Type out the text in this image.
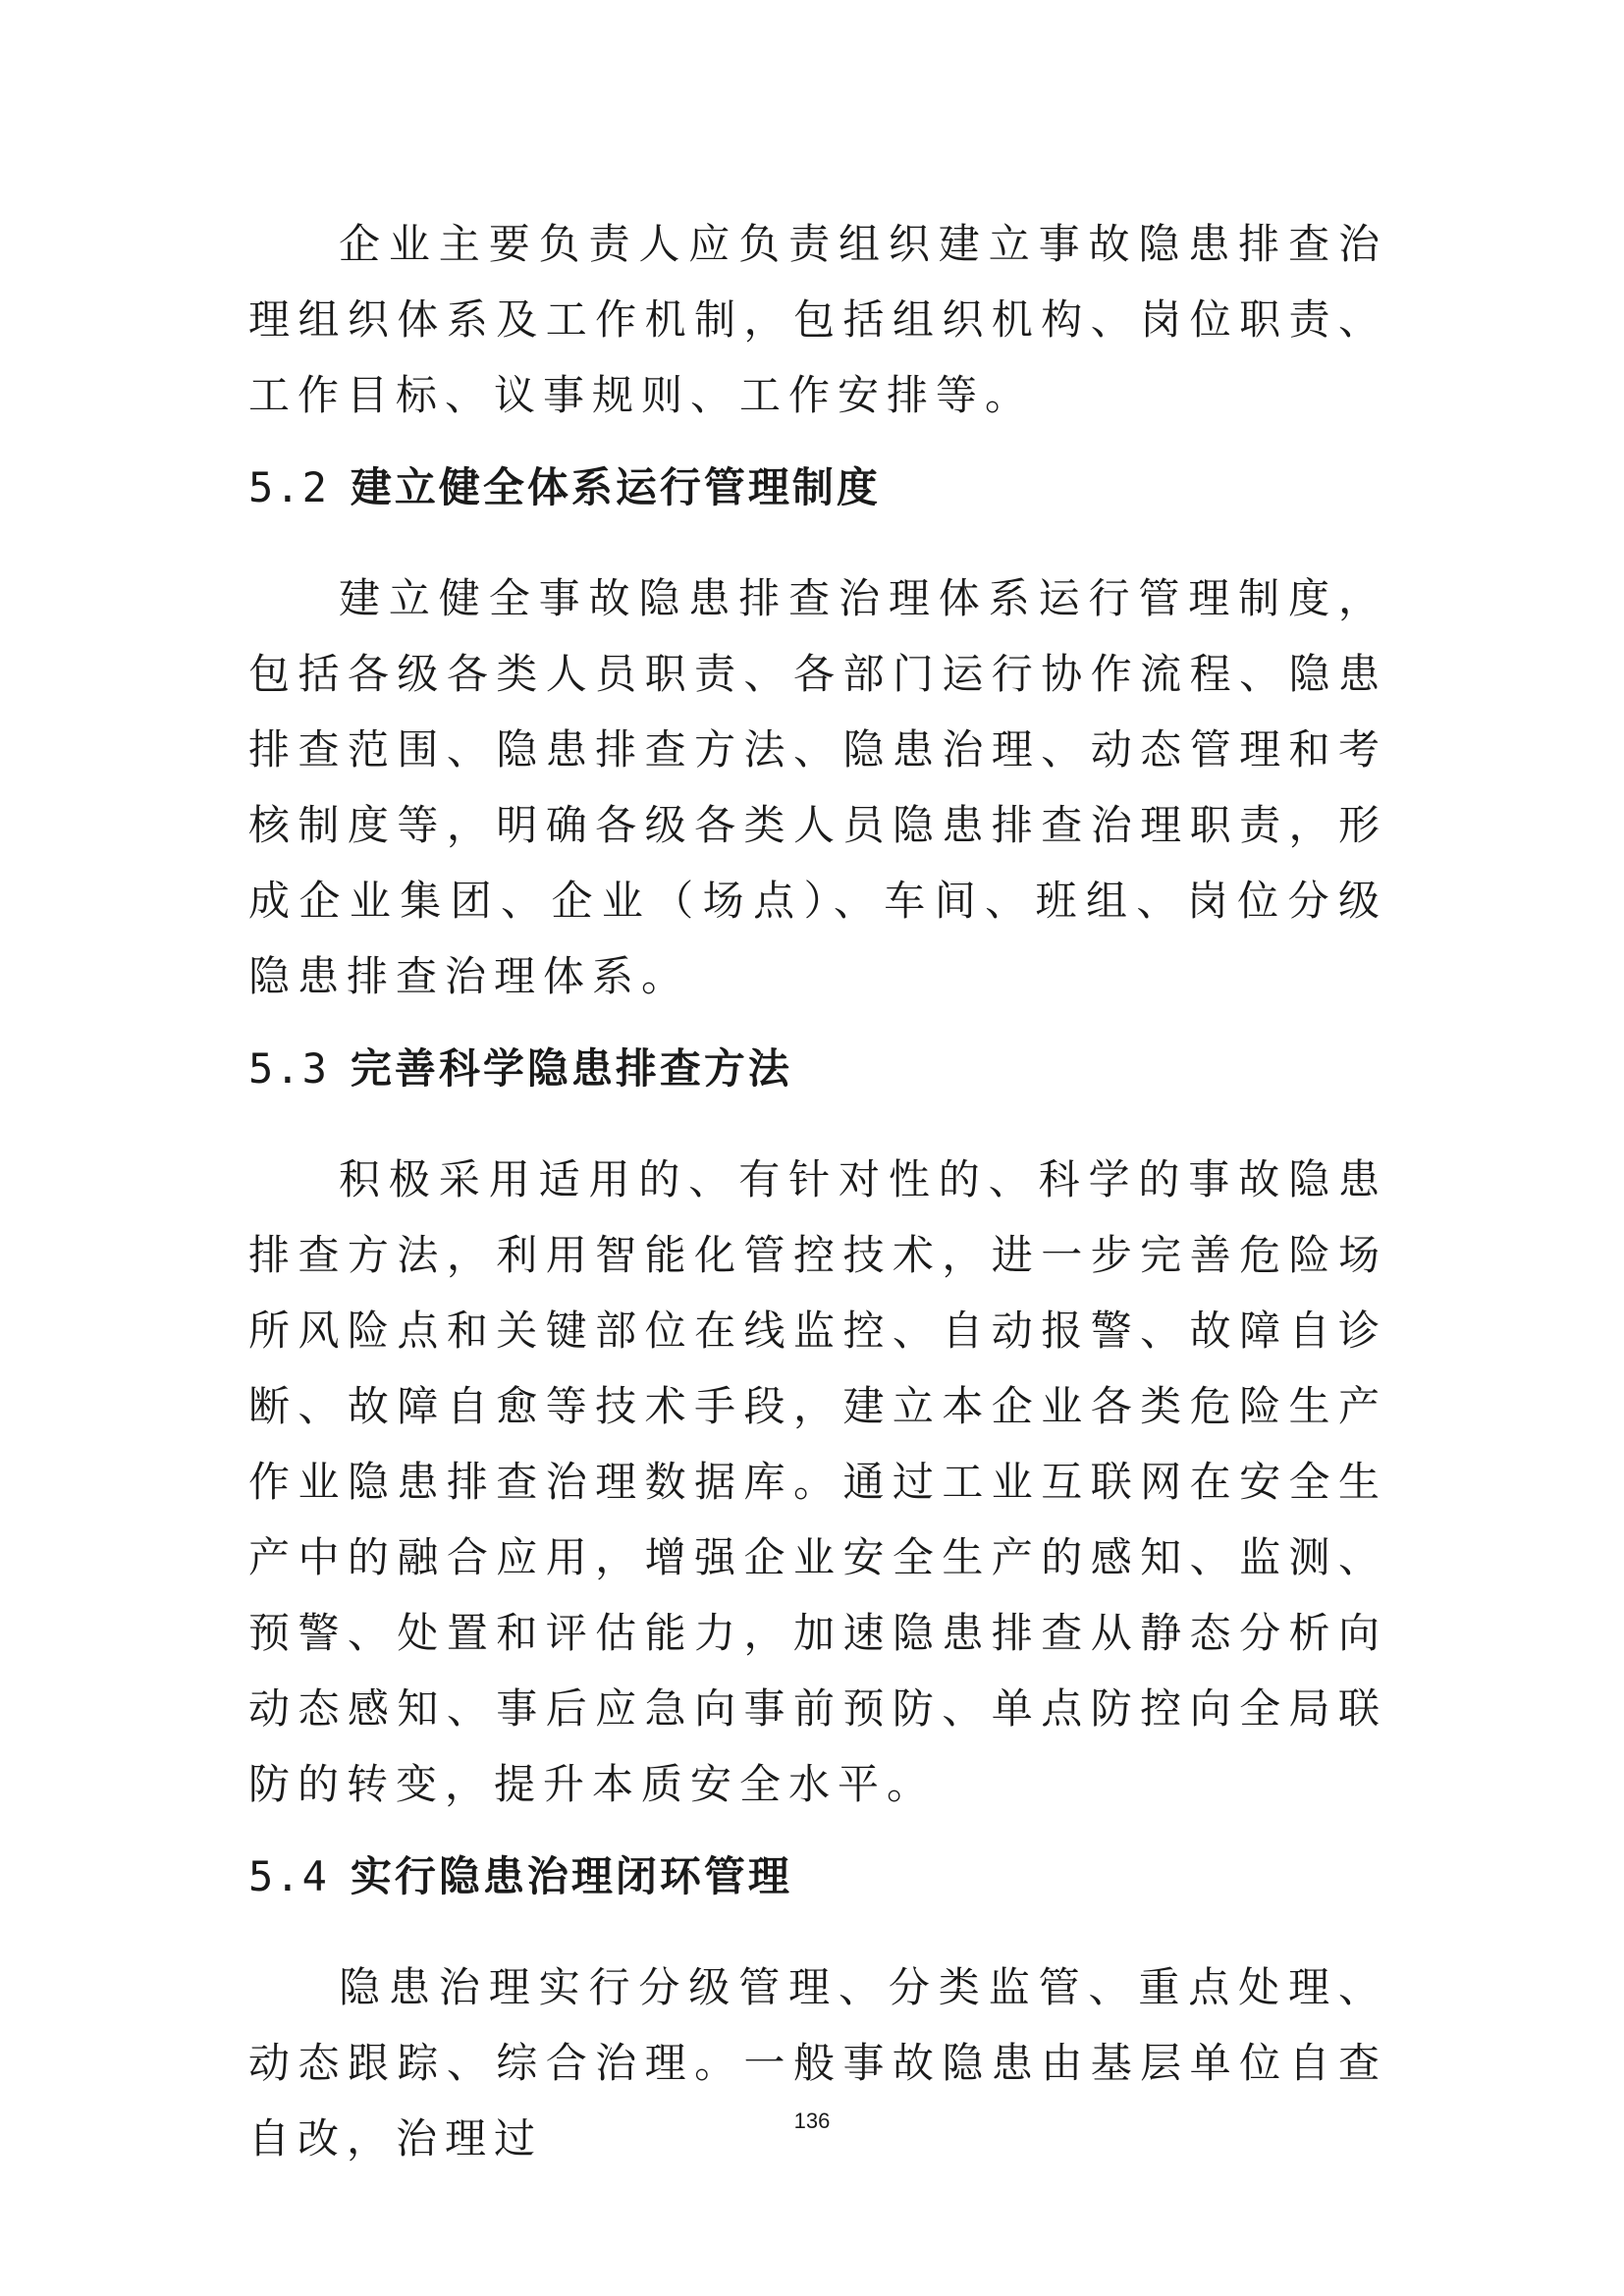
企业主要负责人应负责组织建立事故隐患排查治理组织体系及工作机制，包括组织机构、岗位职责、工作目标、议事规则、工作安排等。

5.2 建立健全体系运行管理制度

建立健全事故隐患排查治理体系运行管理制度，包括各级各类人员职责、各部门运行协作流程、隐患排查范围、隐患排查方法、隐患治理、动态管理和考核制度等，明确各级各类人员隐患排查治理职责，形成企业集团、企业（场点）、车间、班组、岗位分级隐患排查治理体系。

5.3 完善科学隐患排查方法

积极采用适用的、有针对性的、科学的事故隐患排查方法，利用智能化管控技术，进一步完善危险场所风险点和关键部位在线监控、自动报警、故障自诊断、故障自愈等技术手段，建立本企业各类危险生产作业隐患排查治理数据库。通过工业互联网在安全生产中的融合应用，增强企业安全生产的感知、监测、预警、处置和评估能力，加速隐患排查从静态分析向动态感知、事后应急向事前预防、单点防控向全局联防的转变，提升本质安全水平。

5.4 实行隐患治理闭环管理

隐患治理实行分级管理、分类监管、重点处理、动态跟踪、综合治理。一般事故隐患由基层单位自查自改，治理过	136
